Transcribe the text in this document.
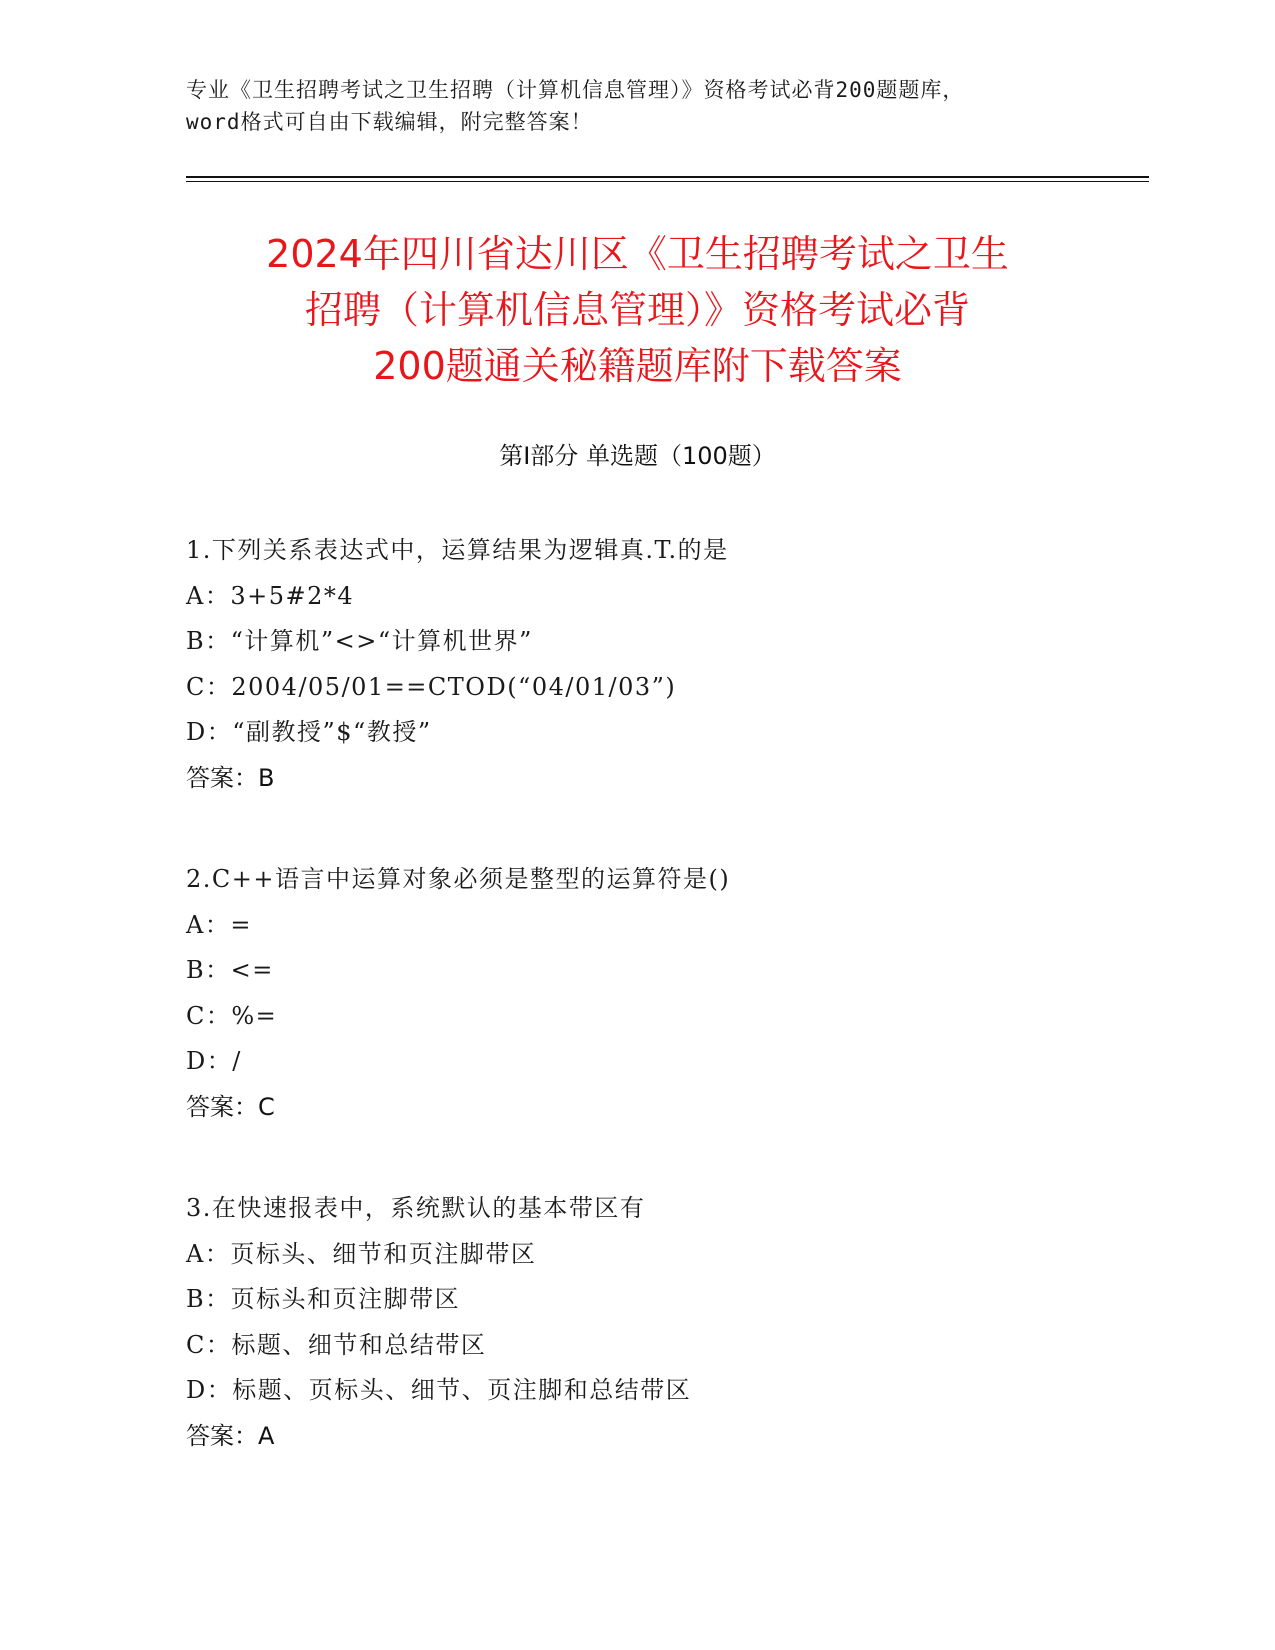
专业《卫生招聘考试之卫生招聘（计算机信息管理）》资格考试必背200题题库，
word格式可自由下载编辑，附完整答案！
2024年四川省达川区《卫生招聘考试之卫生
招聘（计算机信息管理）》资格考试必背
200题通关秘籍题库附下载答案
第Ⅰ部分 单选题（100题）
1.下列关系表达式中，运算结果为逻辑真.T.的是
A：3+5#2*4
B：“计算机”<>“计算机世界”
C：2004/05/01==CTOD(“04/01/03”)
D：“副教授”$“教授”
答案：B
2.C++语言中运算对象必须是整型的运算符是()
A：=
B：<=
C：%=
D：/
答案：C
3.在快速报表中，系统默认的基本带区有
A：页标头、细节和页注脚带区
B：页标头和页注脚带区
C：标题、细节和总结带区
D：标题、页标头、细节、页注脚和总结带区
答案：A
